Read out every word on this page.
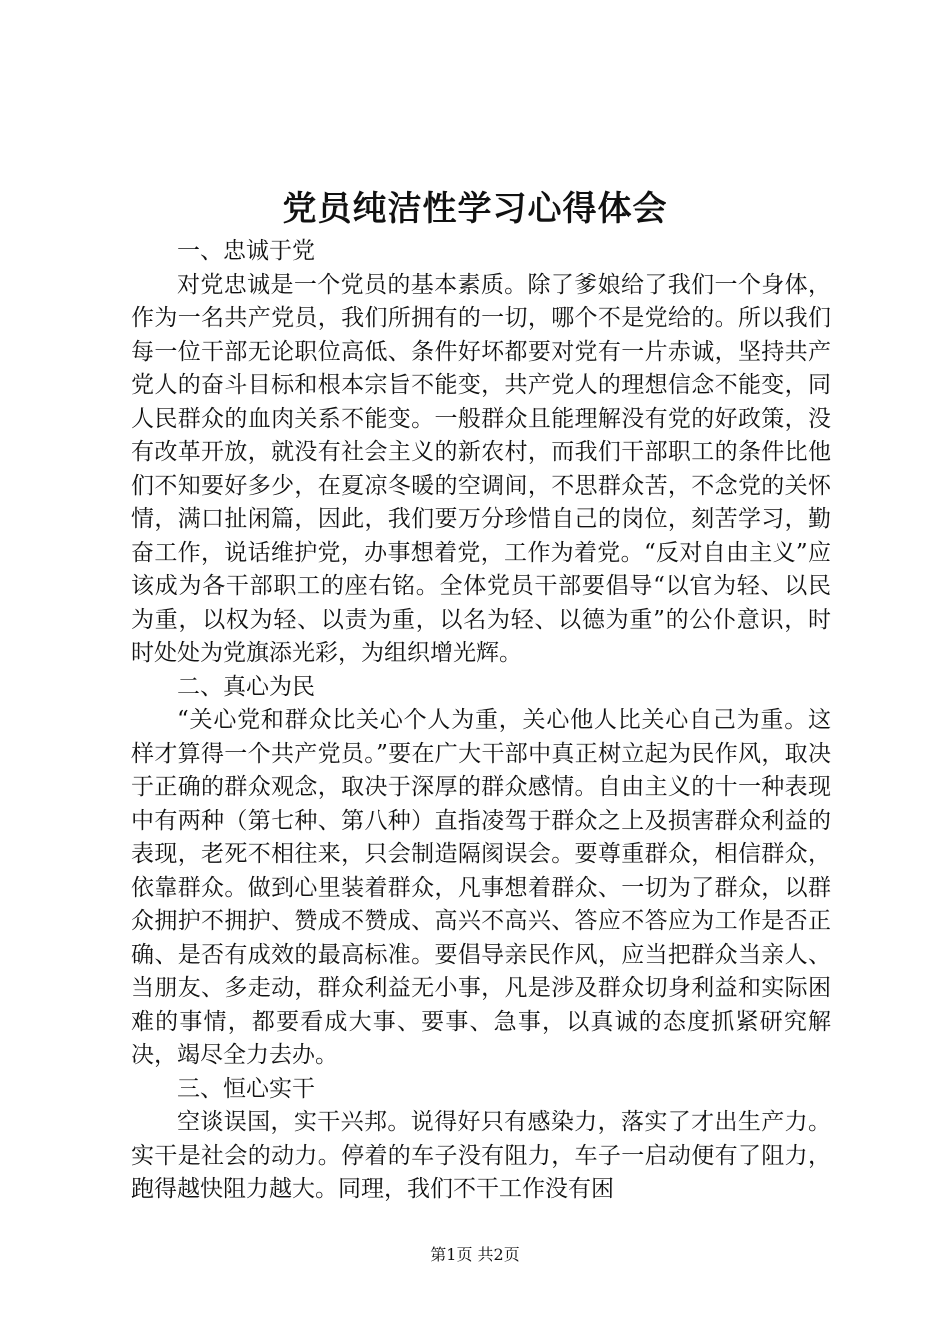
党员纯洁性学习心得体会

一、忠诚于党

对党忠诚是一个党员的基本素质。除了爹娘给了我们一个身体，作为一名共产党员，我们所拥有的一切，哪个不是党给的。所以我们每一位干部无论职位高低、条件好坏都要对党有一片赤诚，坚持共产党人的奋斗目标和根本宗旨不能变，共产党人的理想信念不能变，同人民群众的血肉关系不能变。一般群众且能理解没有党的好政策，没有改革开放，就没有社会主义的新农村，而我们干部职工的条件比他们不知要好多少，在夏凉冬暖的空调间，不思群众苦，不念党的关怀情，满口扯闲篇，因此，我们要万分珍惜自己的岗位，刻苦学习，勤奋工作，说话维护党，办事想着党，工作为着党。“反对自由主义”应该成为各干部职工的座右铭。全体党员干部要倡导“以官为轻、以民为重，以权为轻、以责为重，以名为轻、以德为重”的公仆意识，时时处处为党旗添光彩，为组织增光辉。

二、真心为民

“关心党和群众比关心个人为重，关心他人比关心自己为重。这样才算得一个共产党员。”要在广大干部中真正树立起为民作风，取决于正确的群众观念，取决于深厚的群众感情。自由主义的十一种表现中有两种（第七种、第八种）直指凌驾于群众之上及损害群众利益的表现，老死不相往来，只会制造隔阂误会。要尊重群众，相信群众，依靠群众。做到心里装着群众，凡事想着群众、一切为了群众，以群众拥护不拥护、赞成不赞成、高兴不高兴、答应不答应为工作是否正确、是否有成效的最高标准。要倡导亲民作风，应当把群众当亲人、当朋友、多走动，群众利益无小事，凡是涉及群众切身利益和实际困难的事情，都要看成大事、要事、急事，以真诚的态度抓紧研究解决，竭尽全力去办。

三、恒心实干

空谈误国，实干兴邦。说得好只有感染力，落实了才出生产力。实干是社会的动力。停着的车子没有阻力，车子一启动便有了阻力，跑得越快阻力越大。同理，我们不干工作没有困

第1页 共2页
